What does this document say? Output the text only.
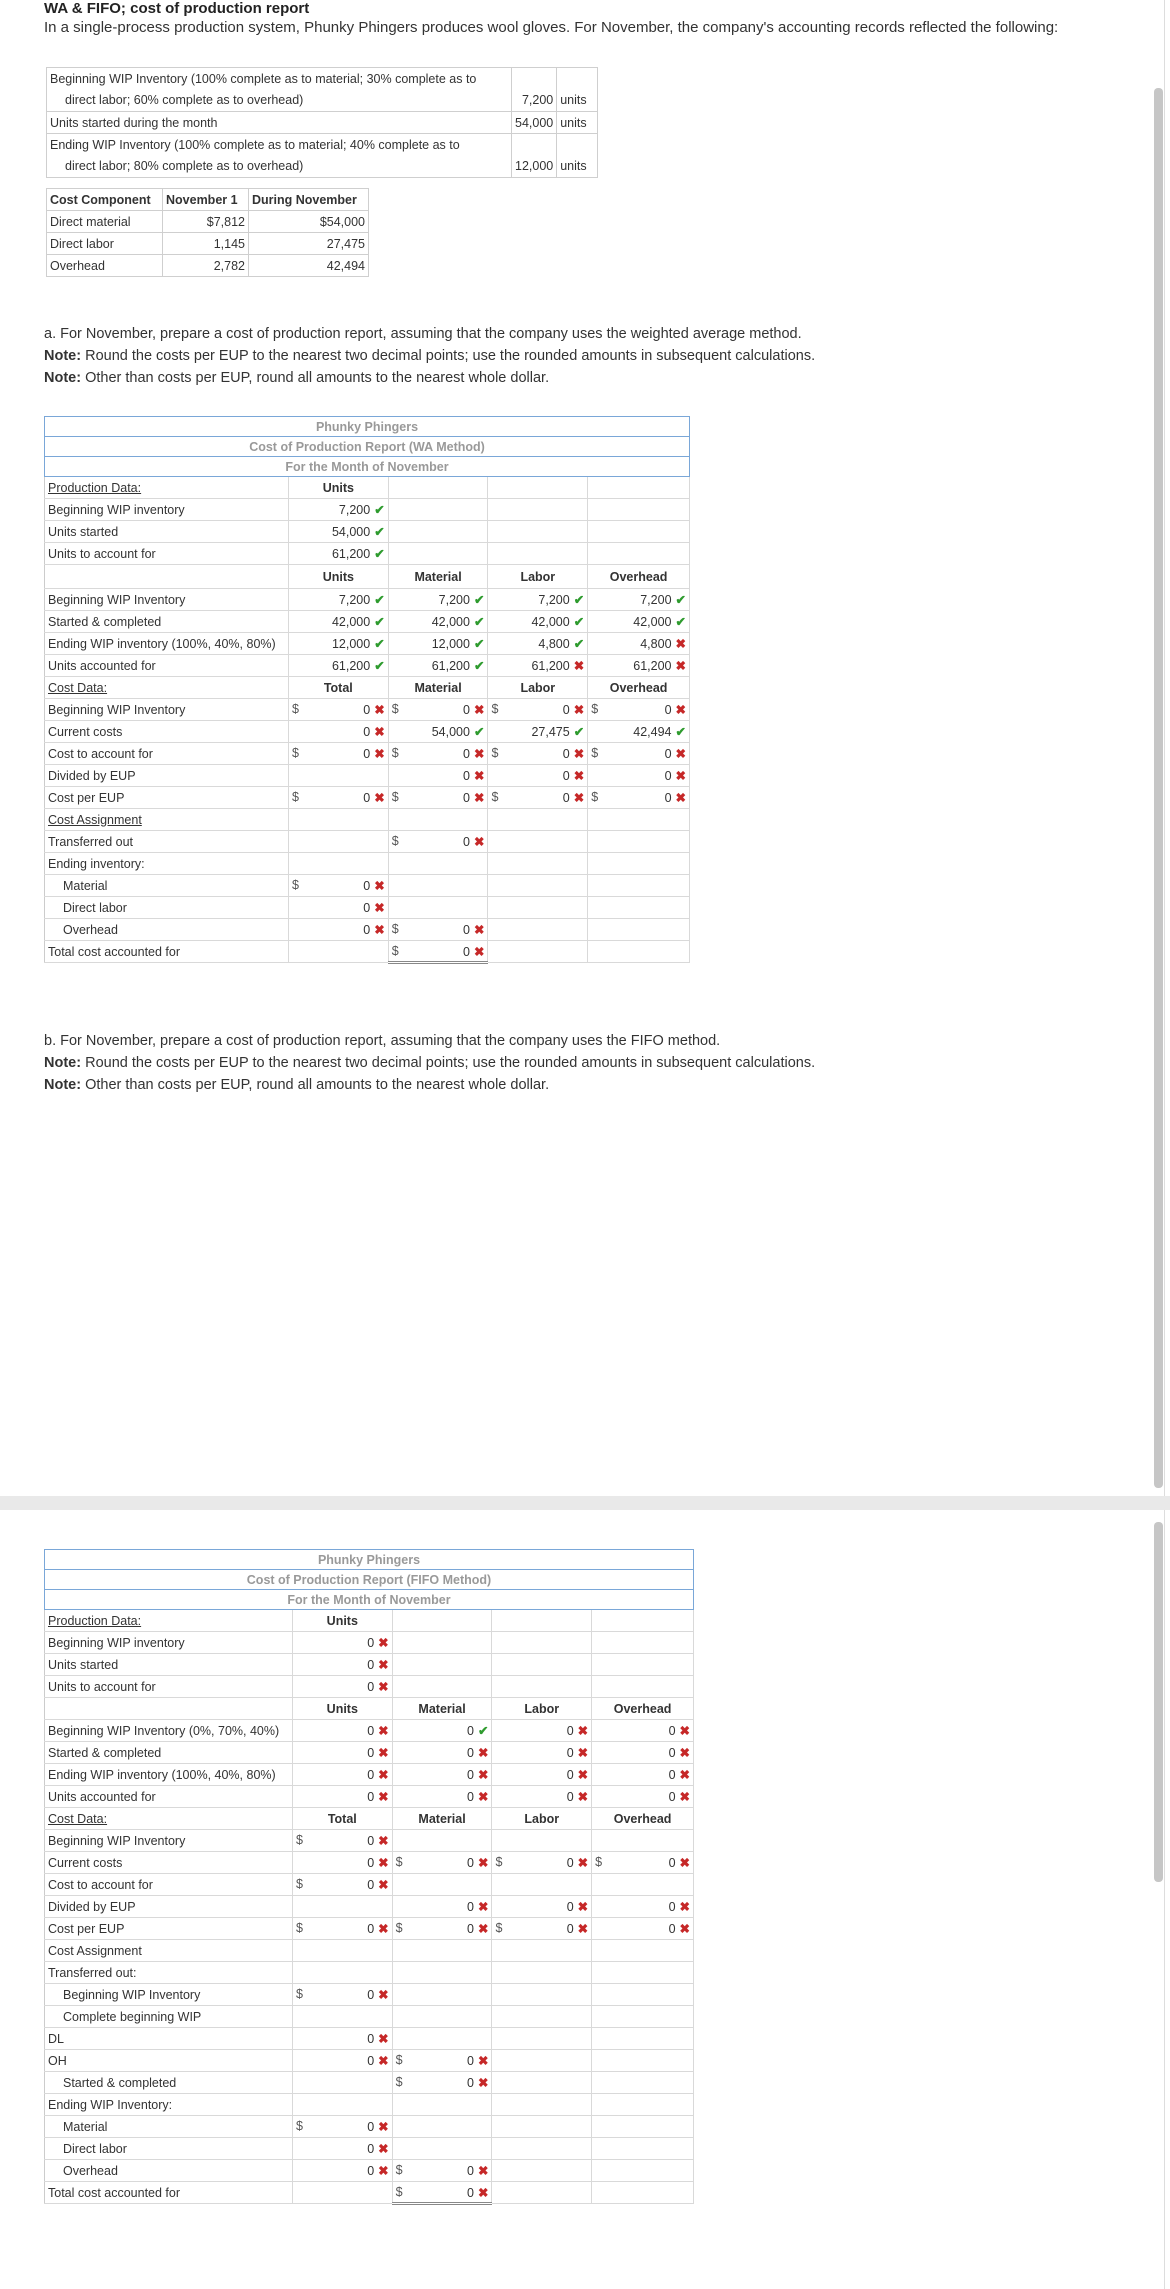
WA & FIFO; cost of production report
In a single-process production system, Phunky Phingers produces wool gloves. For November, the company's accounting records reflected the following:
Beginning WIP Inventory (100% complete as to material; 30% complete as to		
direct labor; 60% complete as to overhead)	7,200	units
Units started during the month	54,000	units
Ending WIP Inventory (100% complete as to material; 40% complete as to		
direct labor; 80% complete as to overhead)	12,000	units
Cost Component	November 1	During November
Direct material	$7,812	$54,000
Direct labor	1,145	27,475
Overhead	2,782	42,494
a. For November, prepare a cost of production report, assuming that the company uses the weighted average method.
Note: Round the costs per EUP to the nearest two decimal points; use the rounded amounts in subsequent calculations.
Note: Other than costs per EUP, round all amounts to the nearest whole dollar.
Phunky Phingers				
Cost of Production Report (WA Method)				
For the Month of November				
Production Data:	Units			
Beginning WIP inventory	7,200 ✔			
Units started	54,000 ✔			
Units to account for	61,200 ✔			
	Units	Material	Labor	Overhead
Beginning WIP Inventory	7,200 ✔	7,200 ✔	7,200 ✔	7,200 ✔
Started & completed	42,000 ✔	42,000 ✔	42,000 ✔	42,000 ✔
Ending WIP inventory (100%, 40%, 80%)	12,000 ✔	12,000 ✔	4,800 ✔	4,800 ✖
Units accounted for	61,200 ✔	61,200 ✔	61,200 ✖	61,200 ✖
Cost Data:	Total	Material	Labor	Overhead
Beginning WIP Inventory	$ 0 ✖	$ 0 ✖	$ 0 ✖	$ 0 ✖
Current costs	0 ✖	54,000 ✔	27,475 ✔	42,494 ✔
Cost to account for	$ 0 ✖	$ 0 ✖	$ 0 ✖	$ 0 ✖
Divided by EUP		0 ✖	0 ✖	0 ✖
Cost per EUP	$ 0 ✖	$ 0 ✖	$ 0 ✖	$ 0 ✖
Cost Assignment				
Transferred out		$ 0 ✖		
Ending inventory:				
Material	$ 0 ✖			
Direct labor	0 ✖			
Overhead	0 ✖	$ 0 ✖		
Total cost accounted for		$ 0 ✖		
b. For November, prepare a cost of production report, assuming that the company uses the FIFO method.
Note: Round the costs per EUP to the nearest two decimal points; use the rounded amounts in subsequent calculations.
Note: Other than costs per EUP, round all amounts to the nearest whole dollar.
Phunky Phingers				
Cost of Production Report (FIFO Method)				
For the Month of November				
Production Data:	Units			
Beginning WIP inventory	0 ✖			
Units started	0 ✖			
Units to account for	0 ✖			
	Units	Material	Labor	Overhead
Beginning WIP Inventory (0%, 70%, 40%)	0 ✖	0 ✔	0 ✖	0 ✖
Started & completed	0 ✖	0 ✖	0 ✖	0 ✖
Ending WIP inventory (100%, 40%, 80%)	0 ✖	0 ✖	0 ✖	0 ✖
Units accounted for	0 ✖	0 ✖	0 ✖	0 ✖
Cost Data:	Total	Material	Labor	Overhead
Beginning WIP Inventory	$ 0 ✖			
Current costs	0 ✖	$ 0 ✖	$ 0 ✖	$ 0 ✖
Cost to account for	$ 0 ✖			
Divided by EUP		0 ✖	0 ✖	0 ✖
Cost per EUP	$ 0 ✖	$ 0 ✖	$ 0 ✖	0 ✖
Cost Assignment				
Transferred out:				
Beginning WIP Inventory	$ 0 ✖			
Complete beginning WIP				
DL	0 ✖			
OH	0 ✖	$ 0 ✖		
Started & completed		$ 0 ✖		
Ending WIP Inventory:				
Material	$ 0 ✖			
Direct labor	0 ✖			
Overhead	0 ✖	$ 0 ✖		
Total cost accounted for		$ 0 ✖		
